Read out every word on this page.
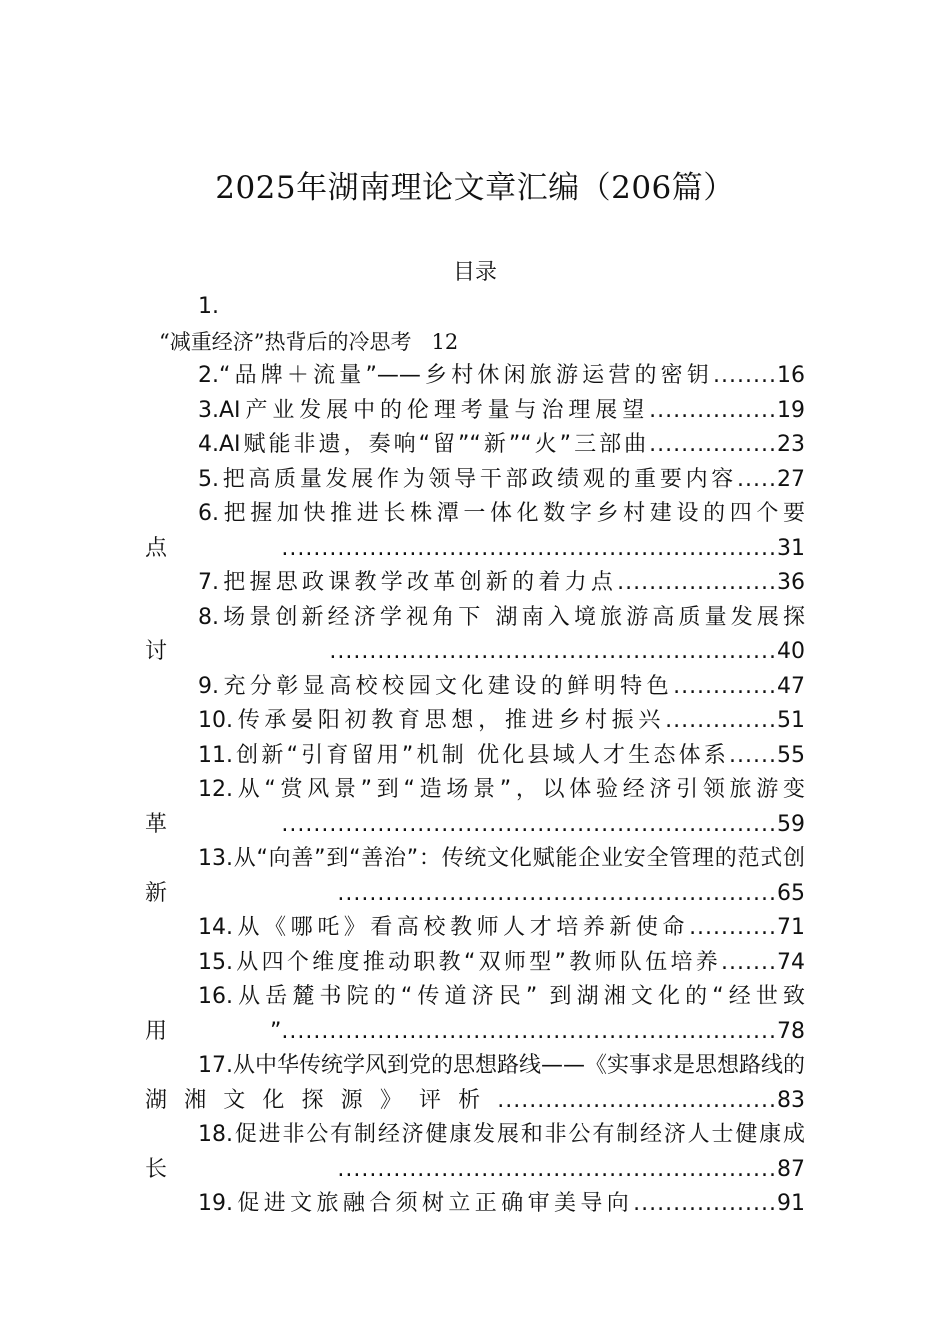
2025年湖南理论文章汇编（206篇）
目录
1.
“减重经济”热背后的冷思考 12
2.“品牌＋流量”——乡村休闲旅游运营的密钥........16
3.AI产业发展中的伦理考量与治理展望................19
4.AI赋能非遗，奏响“留”“新”“火”三部曲................23
5.把高质量发展作为领导干部政绩观的重要内容.....27
6.把握加快推进长株潭一体化数字乡村建设的四个要点..............................................................31
7.把握思政课教学改革创新的着力点....................36
8.场景创新经济学视角下 湖南入境旅游高质量发展探讨........................................................40
9.充分彰显高校校园文化建设的鲜明特色.............47
10.传承晏阳初教育思想，推进乡村振兴..............51
11.创新“引育留用”机制 优化县域人才生态体系......55
12.从“赏风景”到“造场景”，以体验经济引领旅游变革..............................................................59
13.从“向善”到“善治”：传统文化赋能企业安全管理的范式创新.......................................................65
14.从《哪吒》看高校教师人才培养新使命...........71
15.从四个维度推动职教“双师型”教师队伍培养.......74
16.从岳麓书院的“传道济民” 到湖湘文化的“经世致用”..............................................................78
17.从中华传统学风到党的思想路线——《实事求是思想路线的湖湘文化探源》评析...................................83
18.促进非公有制经济健康发展和非公有制经济人士健康成长.......................................................87
19.促进文旅融合须树立正确审美导向..................91
